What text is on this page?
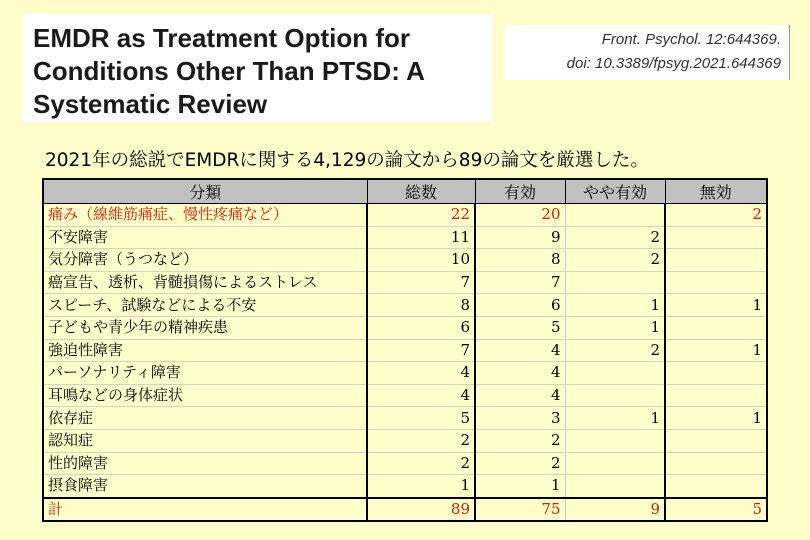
EMDR as Treatment Option for
Conditions Other Than PTSD: A
Systematic Review

Front. Psychol. 12:644369.
doi: 10.3389/fpsyg.2021.644369
2021年の総説でEMDRに関する4,129の論文から89の論文を厳選した。
分類	総数	有効	やや有効	無効
痛み（線維筋痛症、慢性疼痛など）	22	20		2
不安障害	11	9	2	
気分障害（うつなど）	10	8	2	
癌宣告、透析、背髄損傷によるストレス	7	7		
スピーチ、試験などによる不安	8	6	1	1
子どもや青少年の精神疾患	6	5	1	
強迫性障害	7	4	2	1
パーソナリティ障害	4	4		
耳鳴などの身体症状	4	4		
依存症	5	3	1	1
認知症	2	2		
性的障害	2	2		
摂食障害	1	1		
計	89	75	9	5
